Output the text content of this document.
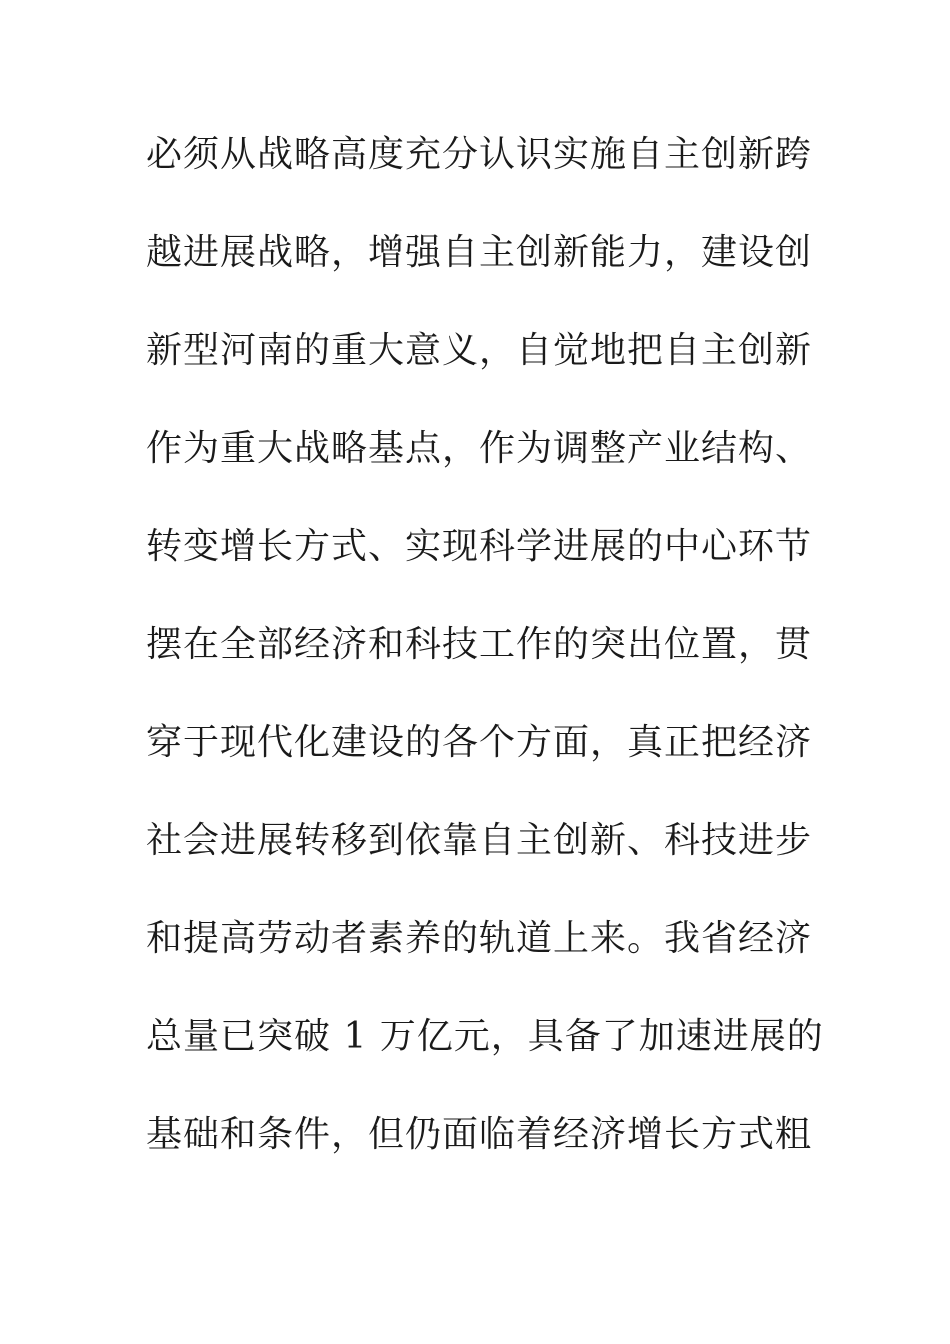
必须从战略高度充分认识实施自主创新跨
越进展战略，增强自主创新能力，建设创
新型河南的重大意义，自觉地把自主创新
作为重大战略基点，作为调整产业结构、
转变增长方式、实现科学进展的中心环节
摆在全部经济和科技工作的突出位置，贯
穿于现代化建设的各个方面，真正把经济
社会进展转移到依靠自主创新、科技进步
和提高劳动者素养的轨道上来。我省经济
总量已突破 1 万亿元，具备了加速进展的
基础和条件，但仍面临着经济增长方式粗
